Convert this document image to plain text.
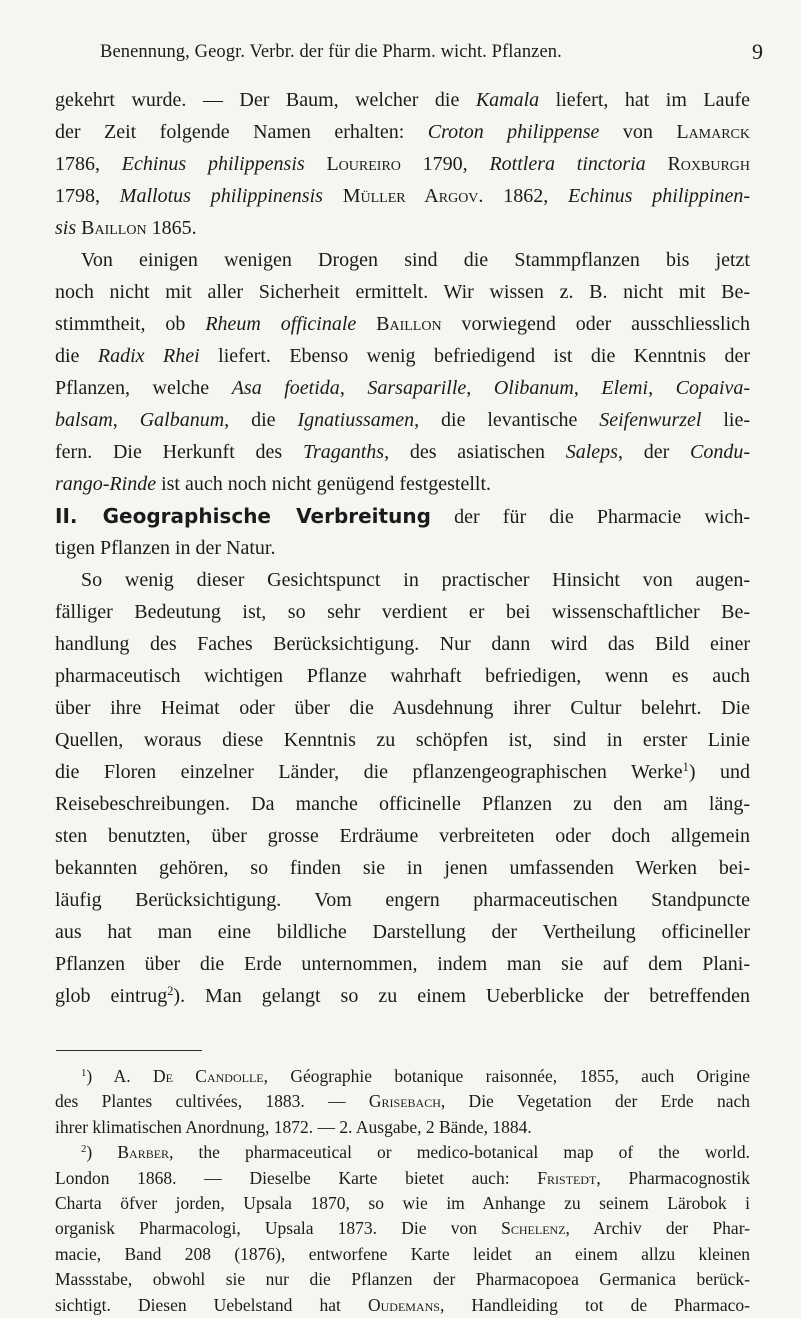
Benennung, Geogr. Verbr. der für die Pharm. wicht. Pflanzen.	9
gekehrt wurde. — Der Baum, welcher die Kamala liefert, hat im Laufe
der Zeit folgende Namen erhalten: Croton philippense von Lamarck
1786, Echinus philippensis Loureiro 1790, Rottlera tinctoria Roxburgh
1798, Mallotus philippinensis Müller Argov. 1862, Echinus philippinen-
sis Baillon 1865.
Von einigen wenigen Drogen sind die Stammpflanzen bis jetzt
noch nicht mit aller Sicherheit ermittelt. Wir wissen z. B. nicht mit Be-
stimmtheit, ob Rheum officinale Baillon vorwiegend oder ausschliesslich
die Radix Rhei liefert. Ebenso wenig befriedigend ist die Kenntnis der
Pflanzen, welche Asa foetida, Sarsaparille, Olibanum, Elemi, Copaiva-
balsam, Galbanum, die Ignatiussamen, die levantische Seifenwurzel lie-
fern. Die Herkunft des Traganths, des asiatischen Saleps, der Condu-
rango-Rinde ist auch noch nicht genügend festgestellt.
II. Geographische Verbreitung der für die Pharmacie wich-
tigen Pflanzen in der Natur.
So wenig dieser Gesichtspunct in practischer Hinsicht von augen-
fälliger Bedeutung ist, so sehr verdient er bei wissenschaftlicher Be-
handlung des Faches Berücksichtigung. Nur dann wird das Bild einer
pharmaceutisch wichtigen Pflanze wahrhaft befriedigen, wenn es auch
über ihre Heimat oder über die Ausdehnung ihrer Cultur belehrt. Die
Quellen, woraus diese Kenntnis zu schöpfen ist, sind in erster Linie
die Floren einzelner Länder, die pflanzengeographischen Werke$^1$) und
Reisebeschreibungen. Da manche officinelle Pflanzen zu den am läng-
sten benutzten, über grosse Erdräume verbreiteten oder doch allgemein
bekannten gehören, so finden sie in jenen umfassenden Werken bei-
läufig Berücksichtigung. Vom engern pharmaceutischen Standpuncte
aus hat man eine bildliche Darstellung der Vertheilung officineller
Pflanzen über die Erde unternommen, indem man sie auf dem Plani-
glob eintrug$^2$). Man gelangt so zu einem Ueberblicke der betreffenden
$^1$) A. De Candolle, Géographie botanique raisonnée, 1855, auch Origine
des Plantes cultivées, 1883. — Grisebach, Die Vegetation der Erde nach
ihrer klimatischen Anordnung, 1872. — 2. Ausgabe, 2 Bände, 1884.
$^2$) Barber, the pharmaceutical or medico-botanical map of the world.
London 1868. — Dieselbe Karte bietet auch: Fristedt, Pharmacognostik
Charta öfver jorden, Upsala 1870, so wie im Anhange zu seinem Lärobok i
organisk Pharmacologi, Upsala 1873. Die von Schelenz, Archiv der Phar-
macie, Band 208 (1876), entworfene Karte leidet an einem allzu kleinen
Massstabe, obwohl sie nur die Pflanzen der Pharmacopoea Germanica berück-
sichtigt. Diesen Uebelstand hat Oudemans, Handleiding tot de Pharmaco-
